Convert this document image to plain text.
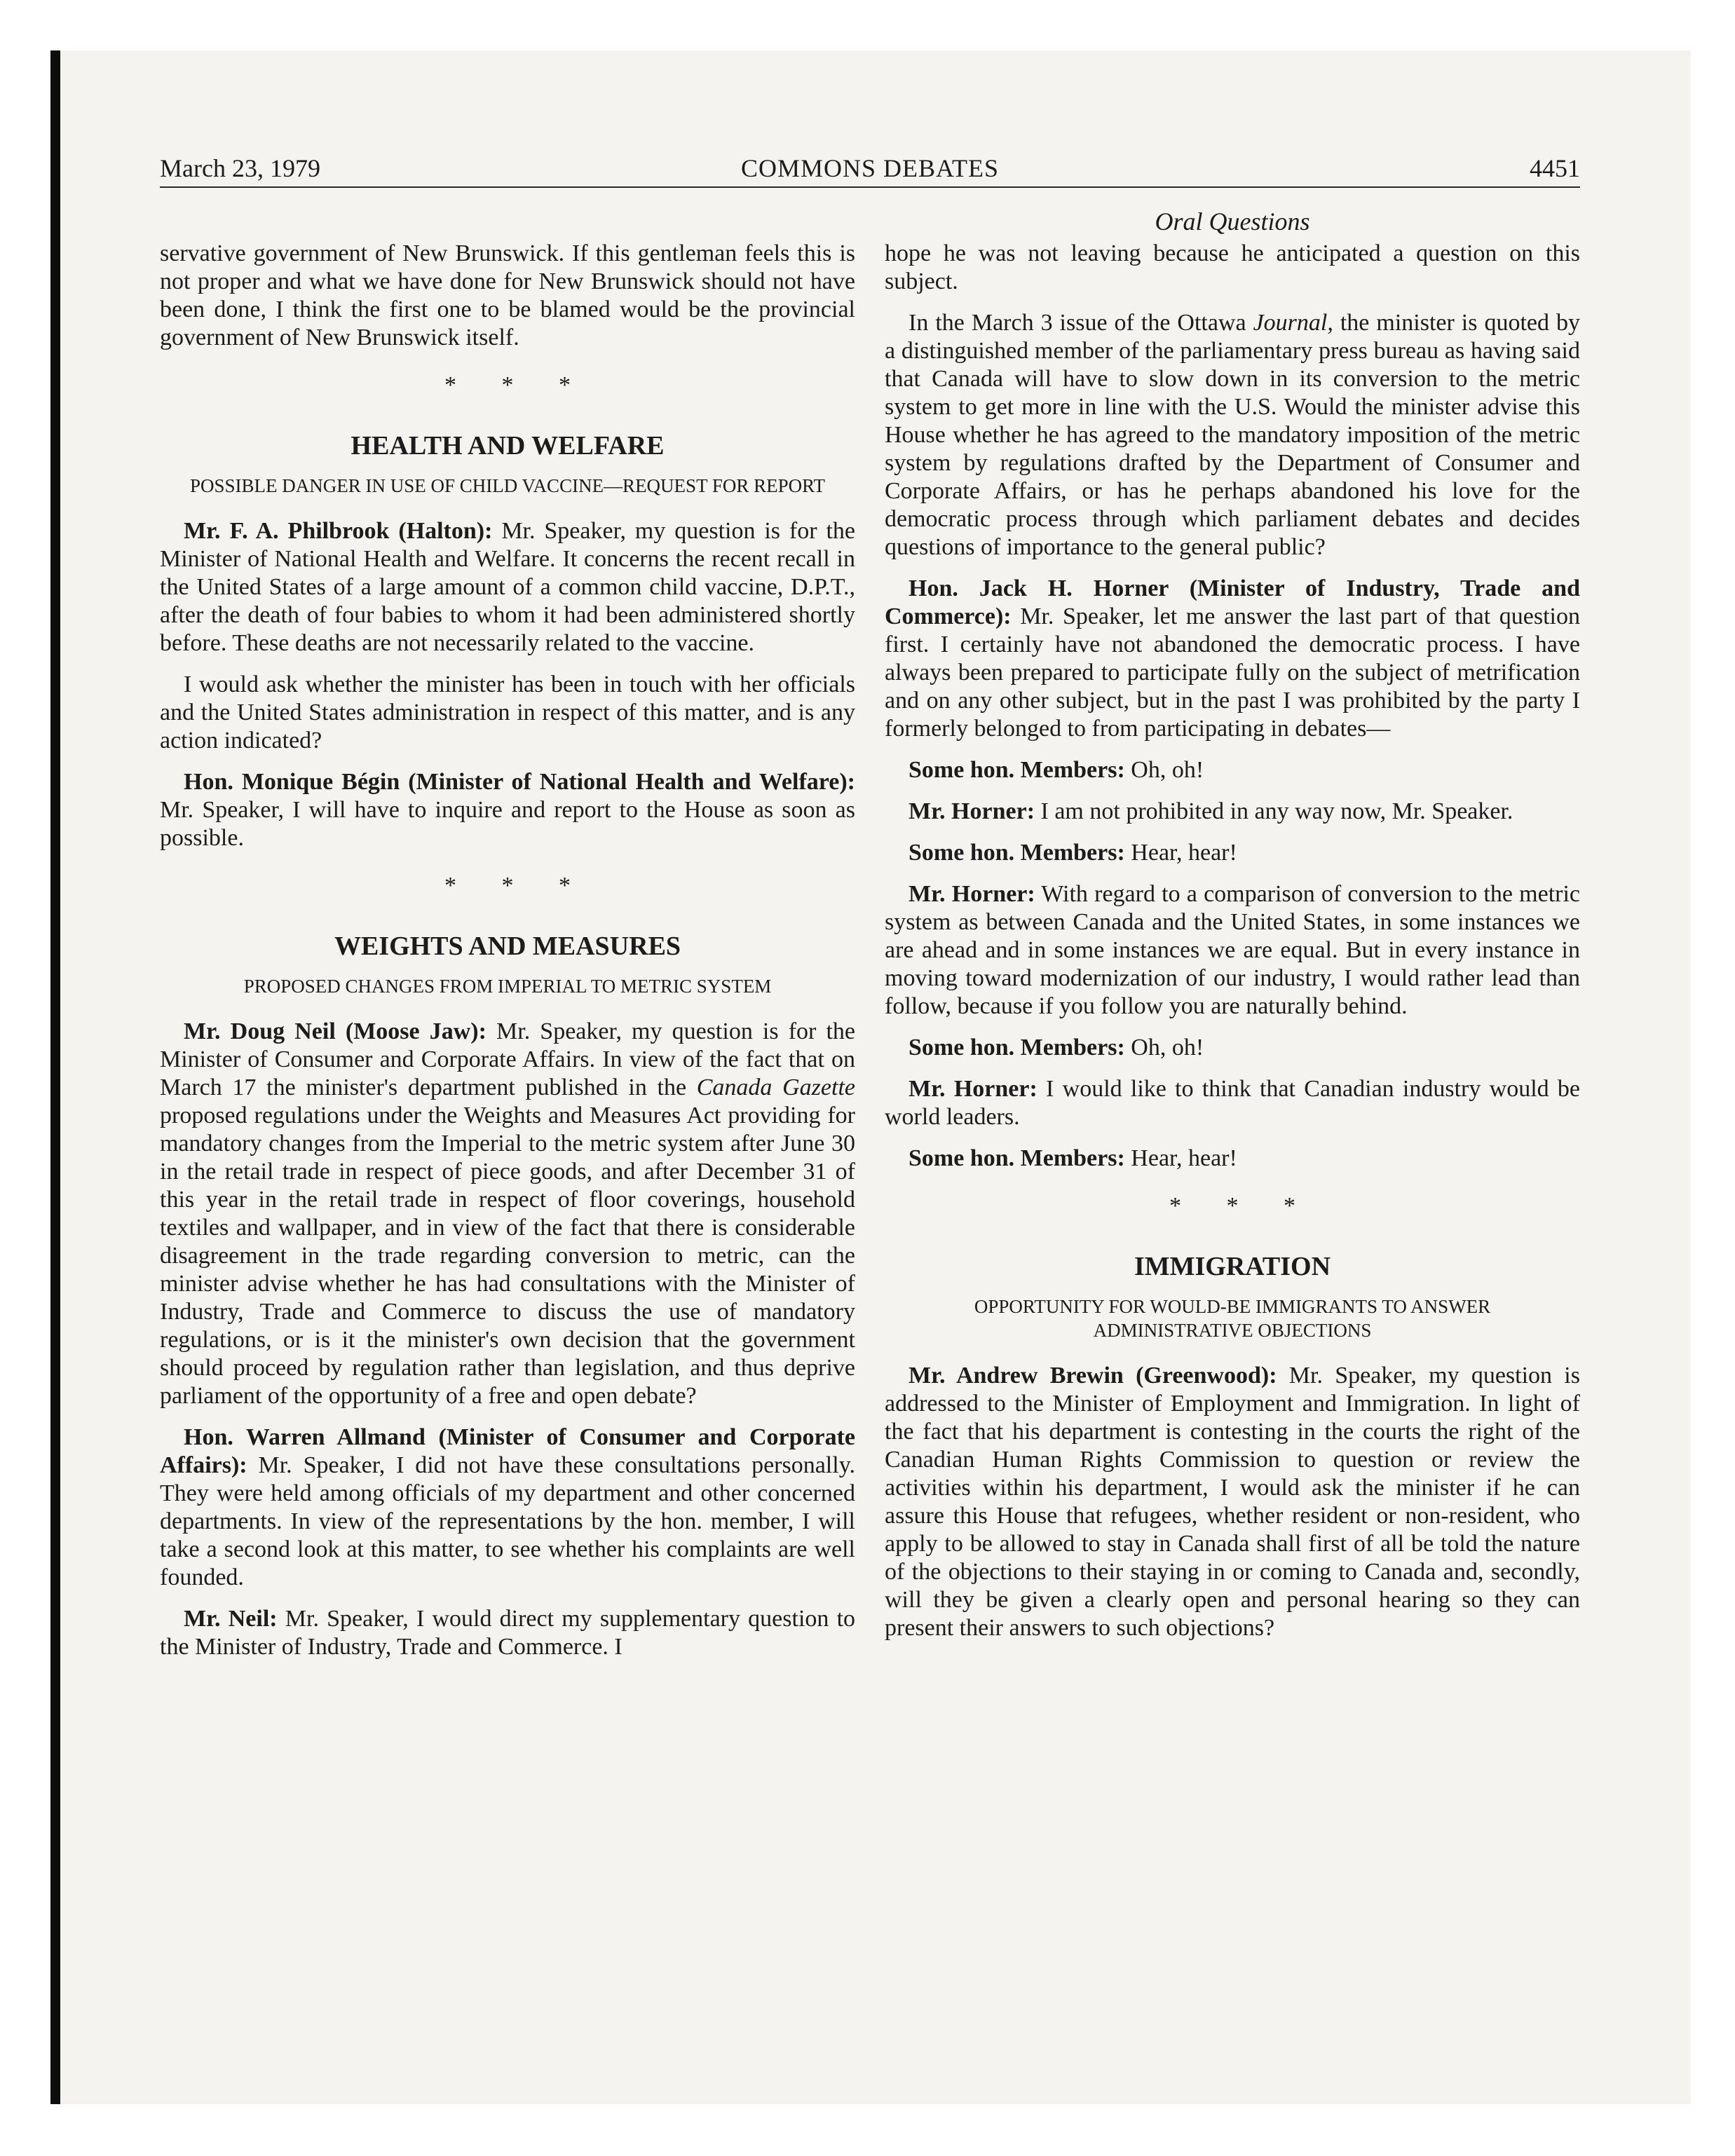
March 23, 1979	COMMONS DEBATES	4451
Oral Questions

servative government of New Brunswick. If this gentleman feels this is not proper and what we have done for New Brunswick should not have been done, I think the first one to be blamed would be the provincial government of New Brunswick itself.

* * *
HEALTH AND WELFARE
POSSIBLE DANGER IN USE OF CHILD VACCINE—REQUEST FOR REPORT

Mr. F. A. Philbrook (Halton): Mr. Speaker, my question is for the Minister of National Health and Welfare. It concerns the recent recall in the United States of a large amount of a common child vaccine, D.P.T., after the death of four babies to whom it had been administered shortly before. These deaths are not necessarily related to the vaccine.

I would ask whether the minister has been in touch with her officials and the United States administration in respect of this matter, and is any action indicated?

Hon. Monique Bégin (Minister of National Health and Welfare): Mr. Speaker, I will have to inquire and report to the House as soon as possible.

* * *
WEIGHTS AND MEASURES
PROPOSED CHANGES FROM IMPERIAL TO METRIC SYSTEM

Mr. Doug Neil (Moose Jaw): Mr. Speaker, my question is for the Minister of Consumer and Corporate Affairs. In view of the fact that on March 17 the minister's department published in the Canada Gazette proposed regulations under the Weights and Measures Act providing for mandatory changes from the Imperial to the metric system after June 30 in the retail trade in respect of piece goods, and after December 31 of this year in the retail trade in respect of floor coverings, household textiles and wallpaper, and in view of the fact that there is considerable disagreement in the trade regarding conversion to metric, can the minister advise whether he has had consultations with the Minister of Industry, Trade and Commerce to discuss the use of mandatory regulations, or is it the minister's own decision that the government should proceed by regulation rather than legislation, and thus deprive parliament of the opportunity of a free and open debate?

Hon. Warren Allmand (Minister of Consumer and Corporate Affairs): Mr. Speaker, I did not have these consultations personally. They were held among officials of my department and other concerned departments. In view of the representations by the hon. member, I will take a second look at this matter, to see whether his complaints are well founded.

Mr. Neil: Mr. Speaker, I would direct my supplementary question to the Minister of Industry, Trade and Commerce. I

hope he was not leaving because he anticipated a question on this subject.

In the March 3 issue of the Ottawa Journal, the minister is quoted by a distinguished member of the parliamentary press bureau as having said that Canada will have to slow down in its conversion to the metric system to get more in line with the U.S. Would the minister advise this House whether he has agreed to the mandatory imposition of the metric system by regulations drafted by the Department of Consumer and Corporate Affairs, or has he perhaps abandoned his love for the democratic process through which parliament debates and decides questions of importance to the general public?

Hon. Jack H. Horner (Minister of Industry, Trade and Commerce): Mr. Speaker, let me answer the last part of that question first. I certainly have not abandoned the democratic process. I have always been prepared to participate fully on the subject of metrification and on any other subject, but in the past I was prohibited by the party I formerly belonged to from participating in debates—

Some hon. Members: Oh, oh!

Mr. Horner: I am not prohibited in any way now, Mr. Speaker.

Some hon. Members: Hear, hear!

Mr. Horner: With regard to a comparison of conversion to the metric system as between Canada and the United States, in some instances we are ahead and in some instances we are equal. But in every instance in moving toward modernization of our industry, I would rather lead than follow, because if you follow you are naturally behind.

Some hon. Members: Oh, oh!

Mr. Horner: I would like to think that Canadian industry would be world leaders.

Some hon. Members: Hear, hear!

* * *
IMMIGRATION
OPPORTUNITY FOR WOULD-BE IMMIGRANTS TO ANSWER ADMINISTRATIVE OBJECTIONS

Mr. Andrew Brewin (Greenwood): Mr. Speaker, my question is addressed to the Minister of Employment and Immigration. In light of the fact that his department is contesting in the courts the right of the Canadian Human Rights Commission to question or review the activities within his department, I would ask the minister if he can assure this House that refugees, whether resident or non-resident, who apply to be allowed to stay in Canada shall first of all be told the nature of the objections to their staying in or coming to Canada and, secondly, will they be given a clearly open and personal hearing so they can present their answers to such objections?
